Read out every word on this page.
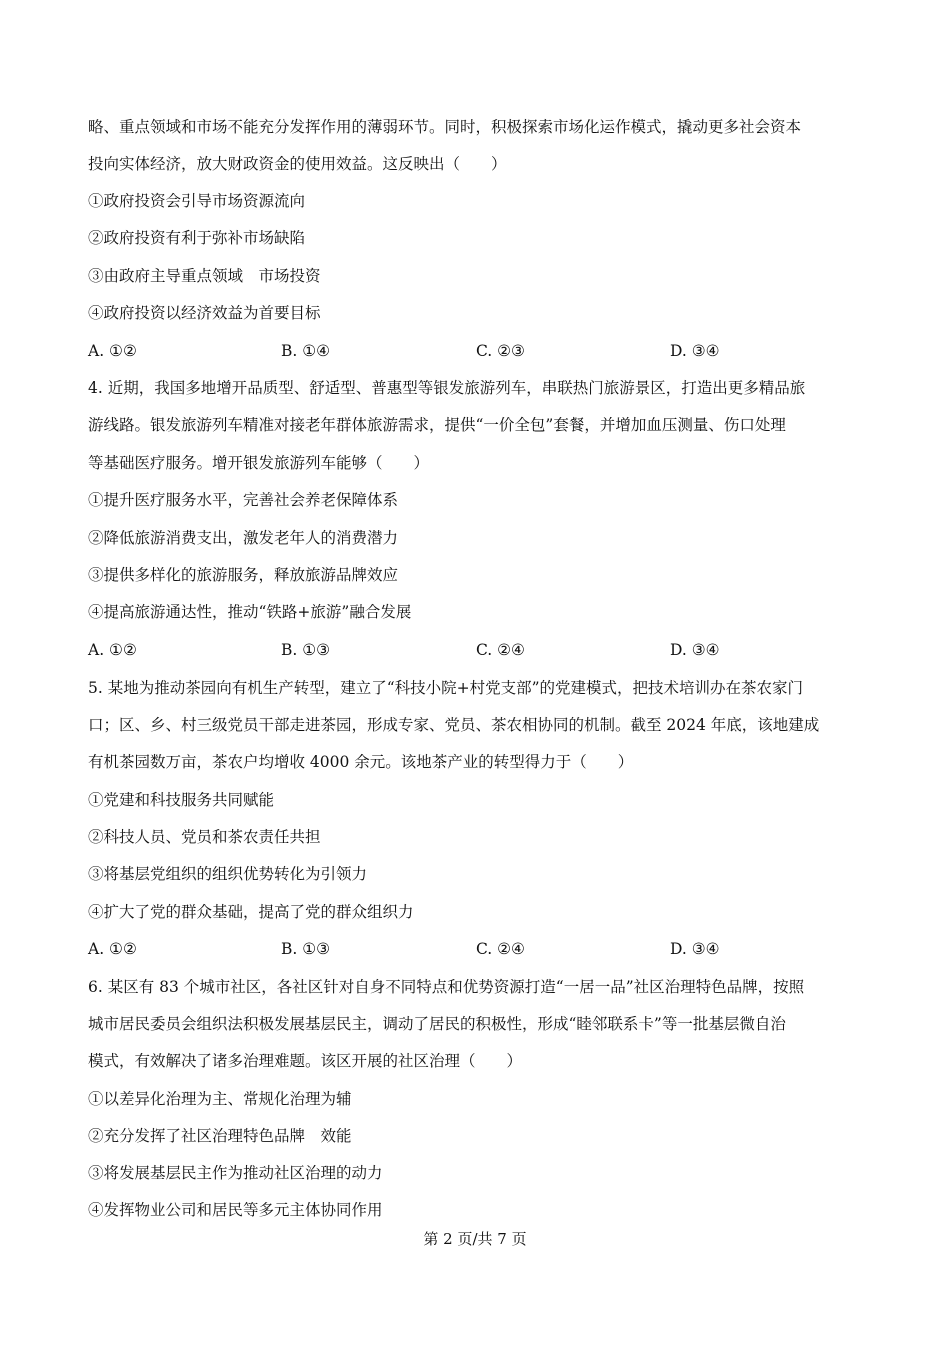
略、重点领域和市场不能充分发挥作用的薄弱环节。同时，积极探索市场化运作模式，撬动更多社会资本
投向实体经济，放大财政资金的使用效益。这反映出（　　）
①政府投资会引导市场资源流向
②政府投资有利于弥补市场缺陷
③由政府主导重点领域　市场投资
④政府投资以经济效益为首要目标
A. ①②	B. ①④	C. ②③	D. ③④
4. 近期，我国多地增开品质型、舒适型、普惠型等银发旅游列车，串联热门旅游景区，打造出更多精品旅
游线路。银发旅游列车精准对接老年群体旅游需求，提供“一价全包”套餐，并增加血压测量、伤口处理
等基础医疗服务。增开银发旅游列车能够（　　）
①提升医疗服务水平，完善社会养老保障体系
②降低旅游消费支出，激发老年人的消费潜力
③提供多样化的旅游服务，释放旅游品牌效应
④提高旅游通达性，推动“铁路+旅游”融合发展
A. ①②	B. ①③	C. ②④	D. ③④
5. 某地为推动茶园向有机生产转型，建立了“科技小院+村党支部”的党建模式，把技术培训办在茶农家门
口；区、乡、村三级党员干部走进茶园，形成专家、党员、茶农相协同的机制。截至 2024 年底，该地建成
有机茶园数万亩，茶农户均增收 4000 余元。该地茶产业的转型得力于（　　）
①党建和科技服务共同赋能
②科技人员、党员和茶农责任共担
③将基层党组织的组织优势转化为引领力
④扩大了党的群众基础，提高了党的群众组织力
A. ①②	B. ①③	C. ②④	D. ③④
6. 某区有 83 个城市社区，各社区针对自身不同特点和优势资源打造“一居一品”社区治理特色品牌，按照
城市居民委员会组织法积极发展基层民主，调动了居民的积极性，形成“睦邻联系卡”等一批基层微自治
模式，有效解决了诸多治理难题。该区开展的社区治理（　　）
①以差异化治理为主、常规化治理为辅
②充分发挥了社区治理特色品牌　效能
③将发展基层民主作为推动社区治理的动力
④发挥物业公司和居民等多元主体协同作用
第 2 页/共 7 页
